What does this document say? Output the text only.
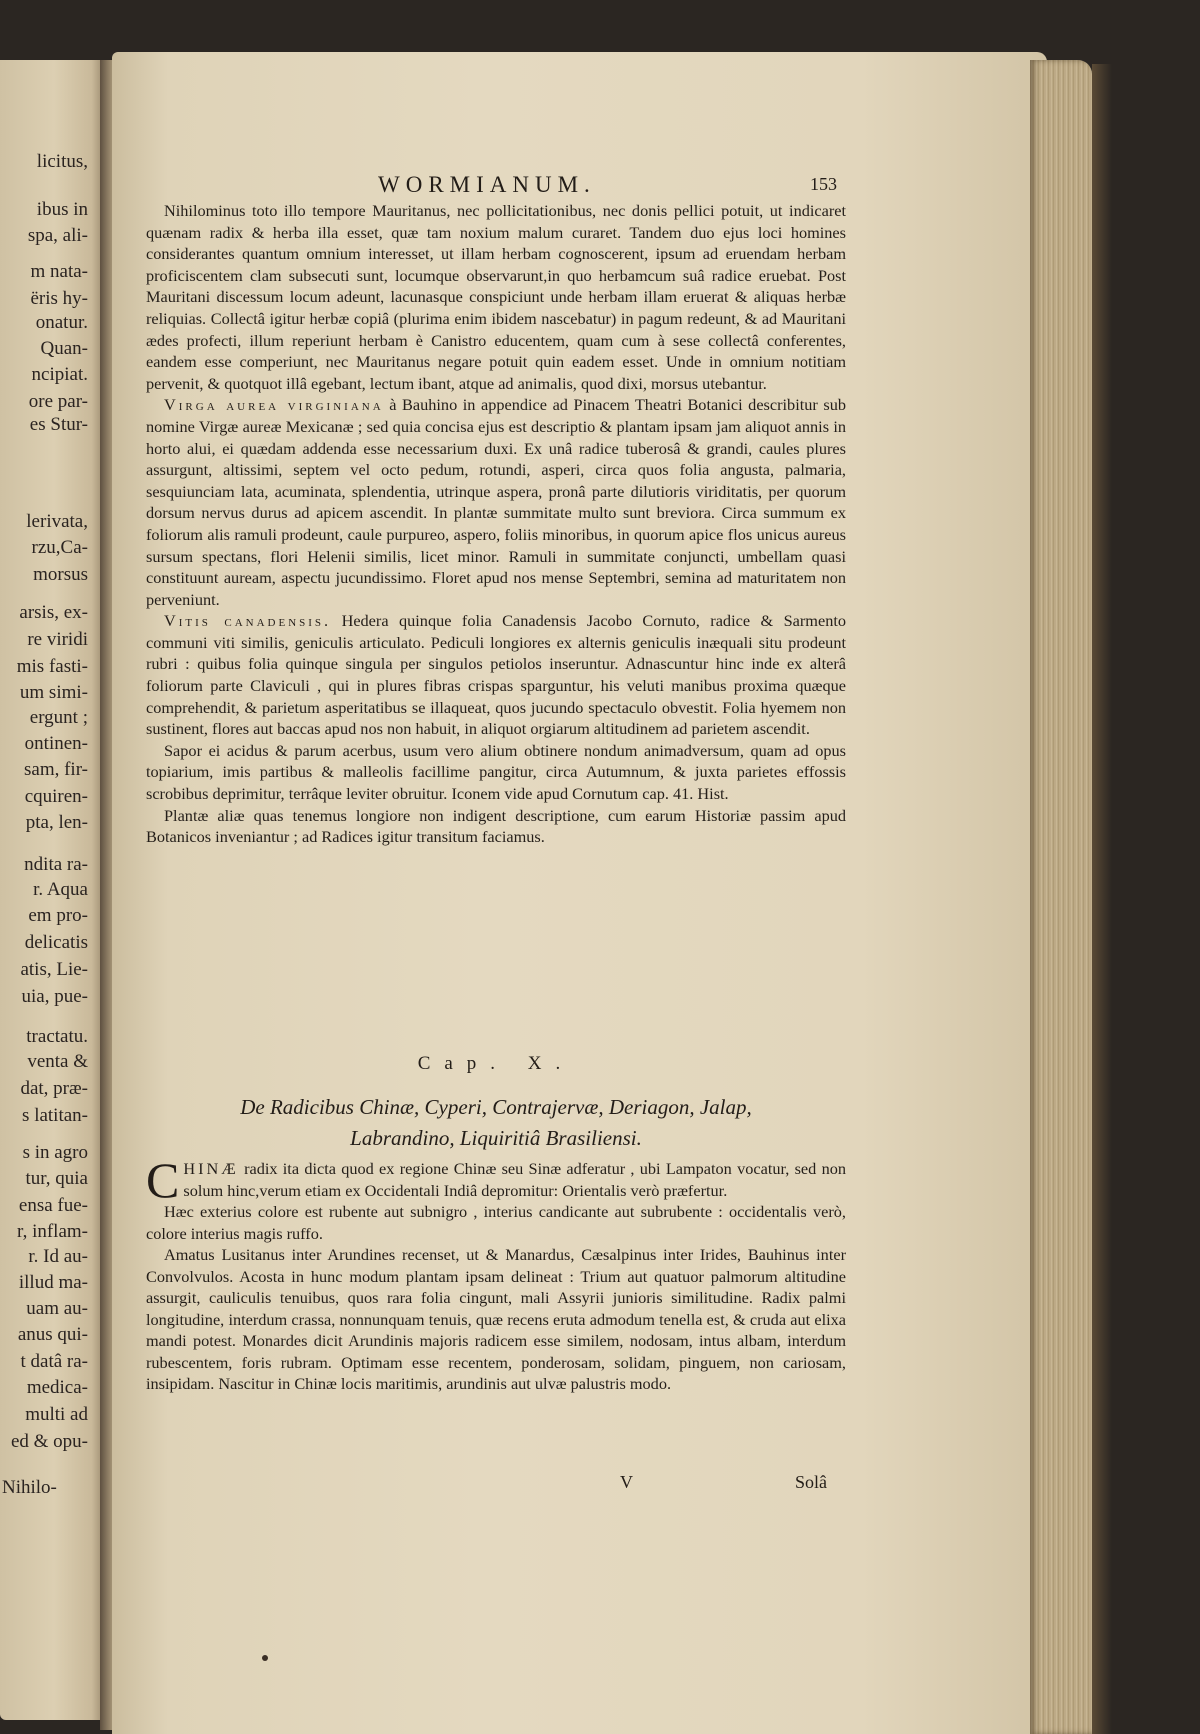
licitus,
ibus in
spa, ali-
m nata-
ëris hy-
onatur.
Quan-
ncipiat.
ore par-
es Stur-
lerivata,
rzu,Ca-
morsus
arsis, ex-
re viridi
mis fasti-
um simi-
ergunt ;
ontinen-
sam, fir-
cquiren-
pta, len-
ndita ra-
r. Aqua
em pro-
delicatis
atis, Lie-
uia, pue-
tractatu.
venta &
dat, præ-
s latitan-
s in agro
tur, quia
ensa fue-
r, inflam-
r. Id au-
illud ma-
uam au-
anus qui-
t datâ ra-
medica-
multi ad
ed & opu-
Nihilo-
WORMIANUM.	153

Nihilominus toto illo tempore Mauritanus, nec pollicitationibus, nec donis pellici potuit, ut indicaret quænam radix & herba illa esset, quæ tam noxium malum curaret. Tandem duo ejus loci homines considerantes quantum omnium interesset, ut illam herbam cognoscerent, ipsum ad eruendam herbam proficiscentem clam subsecuti sunt, locumque observarunt,in quo herbamcum suâ radice eruebat. Post Mauritani discessum locum adeunt, lacunasque conspiciunt unde herbam illam eruerat & aliquas herbæ reliquias. Collectâ igitur herbæ copiâ (plurima enim ibidem nascebatur) in pagum redeunt, & ad Mauritani ædes profecti, illum reperiunt herbam è Canistro educentem, quam cum à sese collectâ conferentes, eandem esse comperiunt, nec Mauritanus negare potuit quin eadem esset. Unde in omnium notitiam pervenit, & quotquot illâ egebant, lectum ibant, atque ad animalis, quod dixi, morsus utebantur.

Virga aurea virginiana à Bauhino in appendice ad Pinacem Theatri Botanici describitur sub nomine Virgæ aureæ Mexicanæ ; sed quia concisa ejus est descriptio & plantam ipsam jam aliquot annis in horto alui, ei quædam addenda esse necessarium duxi. Ex unâ radice tuberosâ & grandi, caules plures assurgunt, altissimi, septem vel octo pedum, rotundi, asperi, circa quos folia angusta, palmaria, sesquiunciam lata, acuminata, splendentia, utrinque aspera, pronâ parte dilutioris viriditatis, per quorum dorsum nervus durus ad apicem ascendit. In plantæ summitate multo sunt breviora. Circa summum ex foliorum alis ramuli prodeunt, caule purpureo, aspero, foliis minoribus, in quorum apice flos unicus aureus sursum spectans, flori Helenii similis, licet minor. Ramuli in summitate conjuncti, umbellam quasi constituunt auream, aspectu jucundissimo. Floret apud nos mense Septembri, semina ad maturitatem non perveniunt.

Vitis canadensis. Hedera quinque folia Canadensis Jacobo Cornuto, radice & Sarmento communi viti similis, geniculis articulato. Pediculi longiores ex alternis geniculis inæquali situ prodeunt rubri : quibus folia quinque singula per singulos petiolos inseruntur. Adnascuntur hinc inde ex alterâ foliorum parte Claviculi , qui in plures fibras crispas sparguntur, his veluti manibus proxima quæque comprehendit, & parietum asperitatibus se illaqueat, quos jucundo spectaculo obvestit. Folia hyemem non sustinent, flores aut baccas apud nos non habuit, in aliquot orgiarum altitudinem ad parietem ascendit.

Sapor ei acidus & parum acerbus, usum vero alium obtinere nondum animadversum, quam ad opus topiarium, imis partibus & malleolis facillime pangitur, circa Autumnum, & juxta parietes effossis scrobibus deprimitur, terrâque leviter obruitur. Iconem vide apud Cornutum cap. 41. Hist.

Plantæ aliæ quas tenemus longiore non indigent descriptione, cum earum Historiæ passim apud Botanicos inveniantur ; ad Radices igitur transitum faciamus.

Cap. X.
De Radicibus Chinæ, Cyperi, Contrajervæ, Deriagon, Jalap,
Labrandino, Liquiritiâ Brasiliensi.

CHINÆ radix ita dicta quod ex regione Chinæ seu Sinæ adferatur , ubi Lampaton vocatur, sed non solum hinc,verum etiam ex Occidentali Indiâ depromitur: Orientalis verò præfertur.

Hæc exterius colore est rubente aut subnigro , interius candicante aut subrubente : occidentalis verò, colore interius magis ruffo.

Amatus Lusitanus inter Arundines recenset, ut & Manardus, Cæsalpinus inter Irides, Bauhinus inter Convolvulos. Acosta in hunc modum plantam ipsam delineat : Trium aut quatuor palmorum altitudine assurgit, cauliculis tenuibus, quos rara folia cingunt, mali Assyrii junioris similitudine. Radix palmi longitudine, interdum crassa, nonnunquam tenuis, quæ recens eruta admodum tenella est, & cruda aut elixa mandi potest. Monardes dicit Arundinis majoris radicem esse similem, nodosam, intus albam, interdum rubescentem, foris rubram. Optimam esse recentem, ponderosam, solidam, pinguem, non cariosam, insipidam. Nascitur in Chinæ locis maritimis, arundinis aut ulvæ palustris modo.

V	Solâ
